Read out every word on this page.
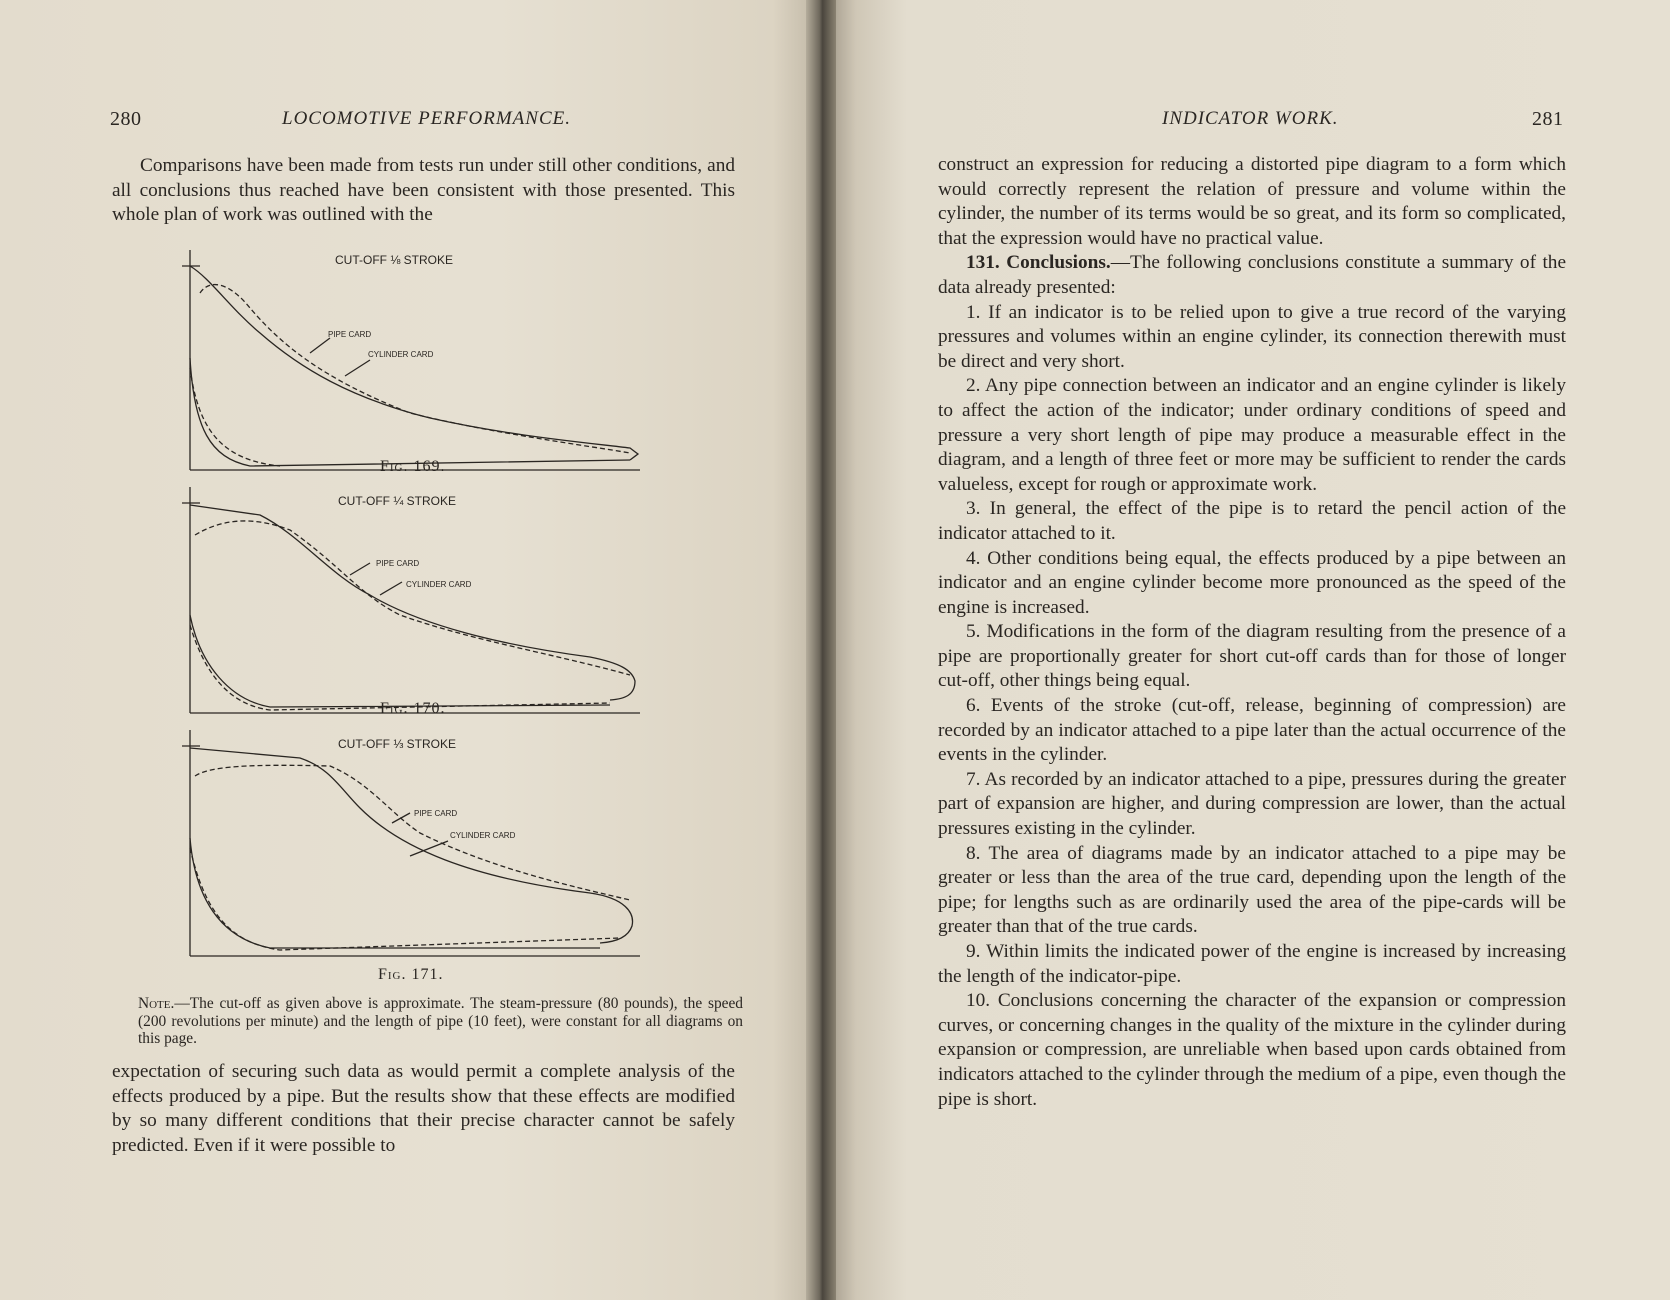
280	LOCOMOTIVE PERFORMANCE.

Comparisons have been made from tests run under still other conditions, and all conclusions thus reached have been consistent with those presented. This whole plan of work was outlined with the

CUT-OFF ⅛ STROKE
PIPE CARD
CYLINDER CARD
Fig. 169.
CUT-OFF ¼ STROKE
PIPE CARD
CYLINDER CARD
Fig. 170.
CUT-OFF ⅓ STROKE
PIPE CARD
CYLINDER CARD
Fig. 171.
Note.—The cut-off as given above is approximate. The steam-pressure (80 pounds), the speed (200 revolutions per minute) and the length of pipe (10 feet), were constant for all diagrams on this page.

expectation of securing such data as would permit a complete analysis of the effects produced by a pipe. But the results show that these effects are modified by so many different conditions that their precise character cannot be safely predicted. Even if it were possible to

INDICATOR WORK.	281

construct an expression for reducing a distorted pipe diagram to a form which would correctly represent the relation of pressure and volume within the cylinder, the number of its terms would be so great, and its form so complicated, that the expression would have no practical value.

131. Conclusions.—The following conclusions constitute a summary of the data already presented:

1. If an indicator is to be relied upon to give a true record of the varying pressures and volumes within an engine cylinder, its connection therewith must be direct and very short.

2. Any pipe connection between an indicator and an engine cylinder is likely to affect the action of the indicator; under ordinary conditions of speed and pressure a very short length of pipe may produce a measurable effect in the diagram, and a length of three feet or more may be sufficient to render the cards valueless, except for rough or approximate work.

3. In general, the effect of the pipe is to retard the pencil action of the indicator attached to it.

4. Other conditions being equal, the effects produced by a pipe between an indicator and an engine cylinder become more pronounced as the speed of the engine is increased.

5. Modifications in the form of the diagram resulting from the presence of a pipe are proportionally greater for short cut-off cards than for those of longer cut-off, other things being equal.

6. Events of the stroke (cut-off, release, beginning of compression) are recorded by an indicator attached to a pipe later than the actual occurrence of the events in the cylinder.

7. As recorded by an indicator attached to a pipe, pressures during the greater part of expansion are higher, and during compression are lower, than the actual pressures existing in the cylinder.

8. The area of diagrams made by an indicator attached to a pipe may be greater or less than the area of the true card, depending upon the length of the pipe; for lengths such as are ordinarily used the area of the pipe-cards will be greater than that of the true cards.

9. Within limits the indicated power of the engine is increased by increasing the length of the indicator-pipe.

10. Conclusions concerning the character of the expansion or compression curves, or concerning changes in the quality of the mixture in the cylinder during expansion or compression, are unreliable when based upon cards obtained from indicators attached to the cylinder through the medium of a pipe, even though the pipe is short.
